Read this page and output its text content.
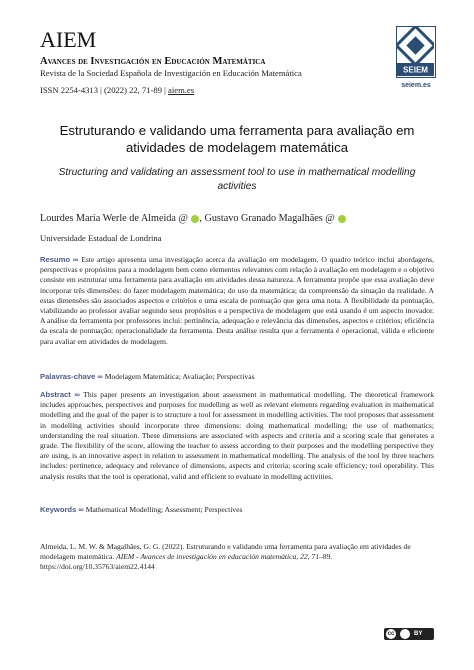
AIEM
Avances de Investigación en Educación Matemática
Revista de la Sociedad Española de Investigación en Educación Matemática
ISSN 2254-4313 | (2022) 22, 71-89 | aiem.es
SEIEM
seiem.es
Estruturando e validando uma ferramenta para avaliação em atividades de modelagem matemática
Structuring and validating an assessment tool to use in mathematical modelling activities
Lourdes Maria Werle de Almeida @ , Gustavo Granado Magalhães @
Universidade Estadual de Londrina
Resumo ∞ Este artigo apresenta uma investigação acerca da avaliação em modelagem. O quadro teórico inclui abordagens, perspectivas e propósitos para a modelagem bem como elementos relevantes com relação à avaliação em modelagem e o objetivo consiste em estruturar uma ferramenta para avaliação em atividades dessa natureza. A ferramenta propõe que essa avaliação deve incorporar três dimensões: do fazer modelagem matemática; do uso da matemática; da compreensão da situação da realidade. A estas dimensões são associados aspectos e critérios e uma escala de pontuação que gera uma nota. A flexibilidade da pontuação, viabilizando ao professor avaliar segundo seus propósitos e a perspectiva de modelagem que está usando é um aspecto inovador. A análise da ferramenta por professores inclui: pertinência, adequação e relevância das dimensões, aspectos e critérios; eficiência da escala de pontuação; operacionalidade da ferramenta. Desta análise resulta que a ferramenta é operacional, válida e eficiente para avaliar em atividades de modelagem.
Palavras-chave ∞ Modelagem Matemática; Avaliação; Perspectivas
Abstract ∞ This paper presents an investigation about assessment in mathematical modelling. The theoretical framework includes approaches, perspectives and purposes for modelling as well as relevant elements regarding evaluation in mathematical modelling and the goal of the paper is to structure a tool for assessment in modelling activities. The tool proposes that assessment in modelling activities should incorporate three dimensions: doing mathematical modelling; the use of mathematics; understanding the real situation. These dimensions are associated with aspects and criteria and a scoring scale that generates a grade. The flexibility of the score, allowing the teacher to assess according to their purposes and the modelling perspective they are using, is an innovative aspect in relation to assessment in mathematical modelling. The analysis of the tool by three teachers includes: pertinence, adequacy and relevance of dimensions, aspects and criteria; scoring scale efficiency; tool operability. This analysis results that the tool is operational, valid and efficient to evaluate in modelling activities.
Keywords ∞ Mathematical Modelling; Assessment; Perspectives
Almeida, L. M. W. & Magalhães, G. G. (2022). Estruturando e validando uma ferramenta para avaliação em atividades de modelagem matemática. AIEM - Avances de investigación en educación matemática, 22, 71–89.
https://doi.org/10.35763/aiem22.4144
cc	BY
